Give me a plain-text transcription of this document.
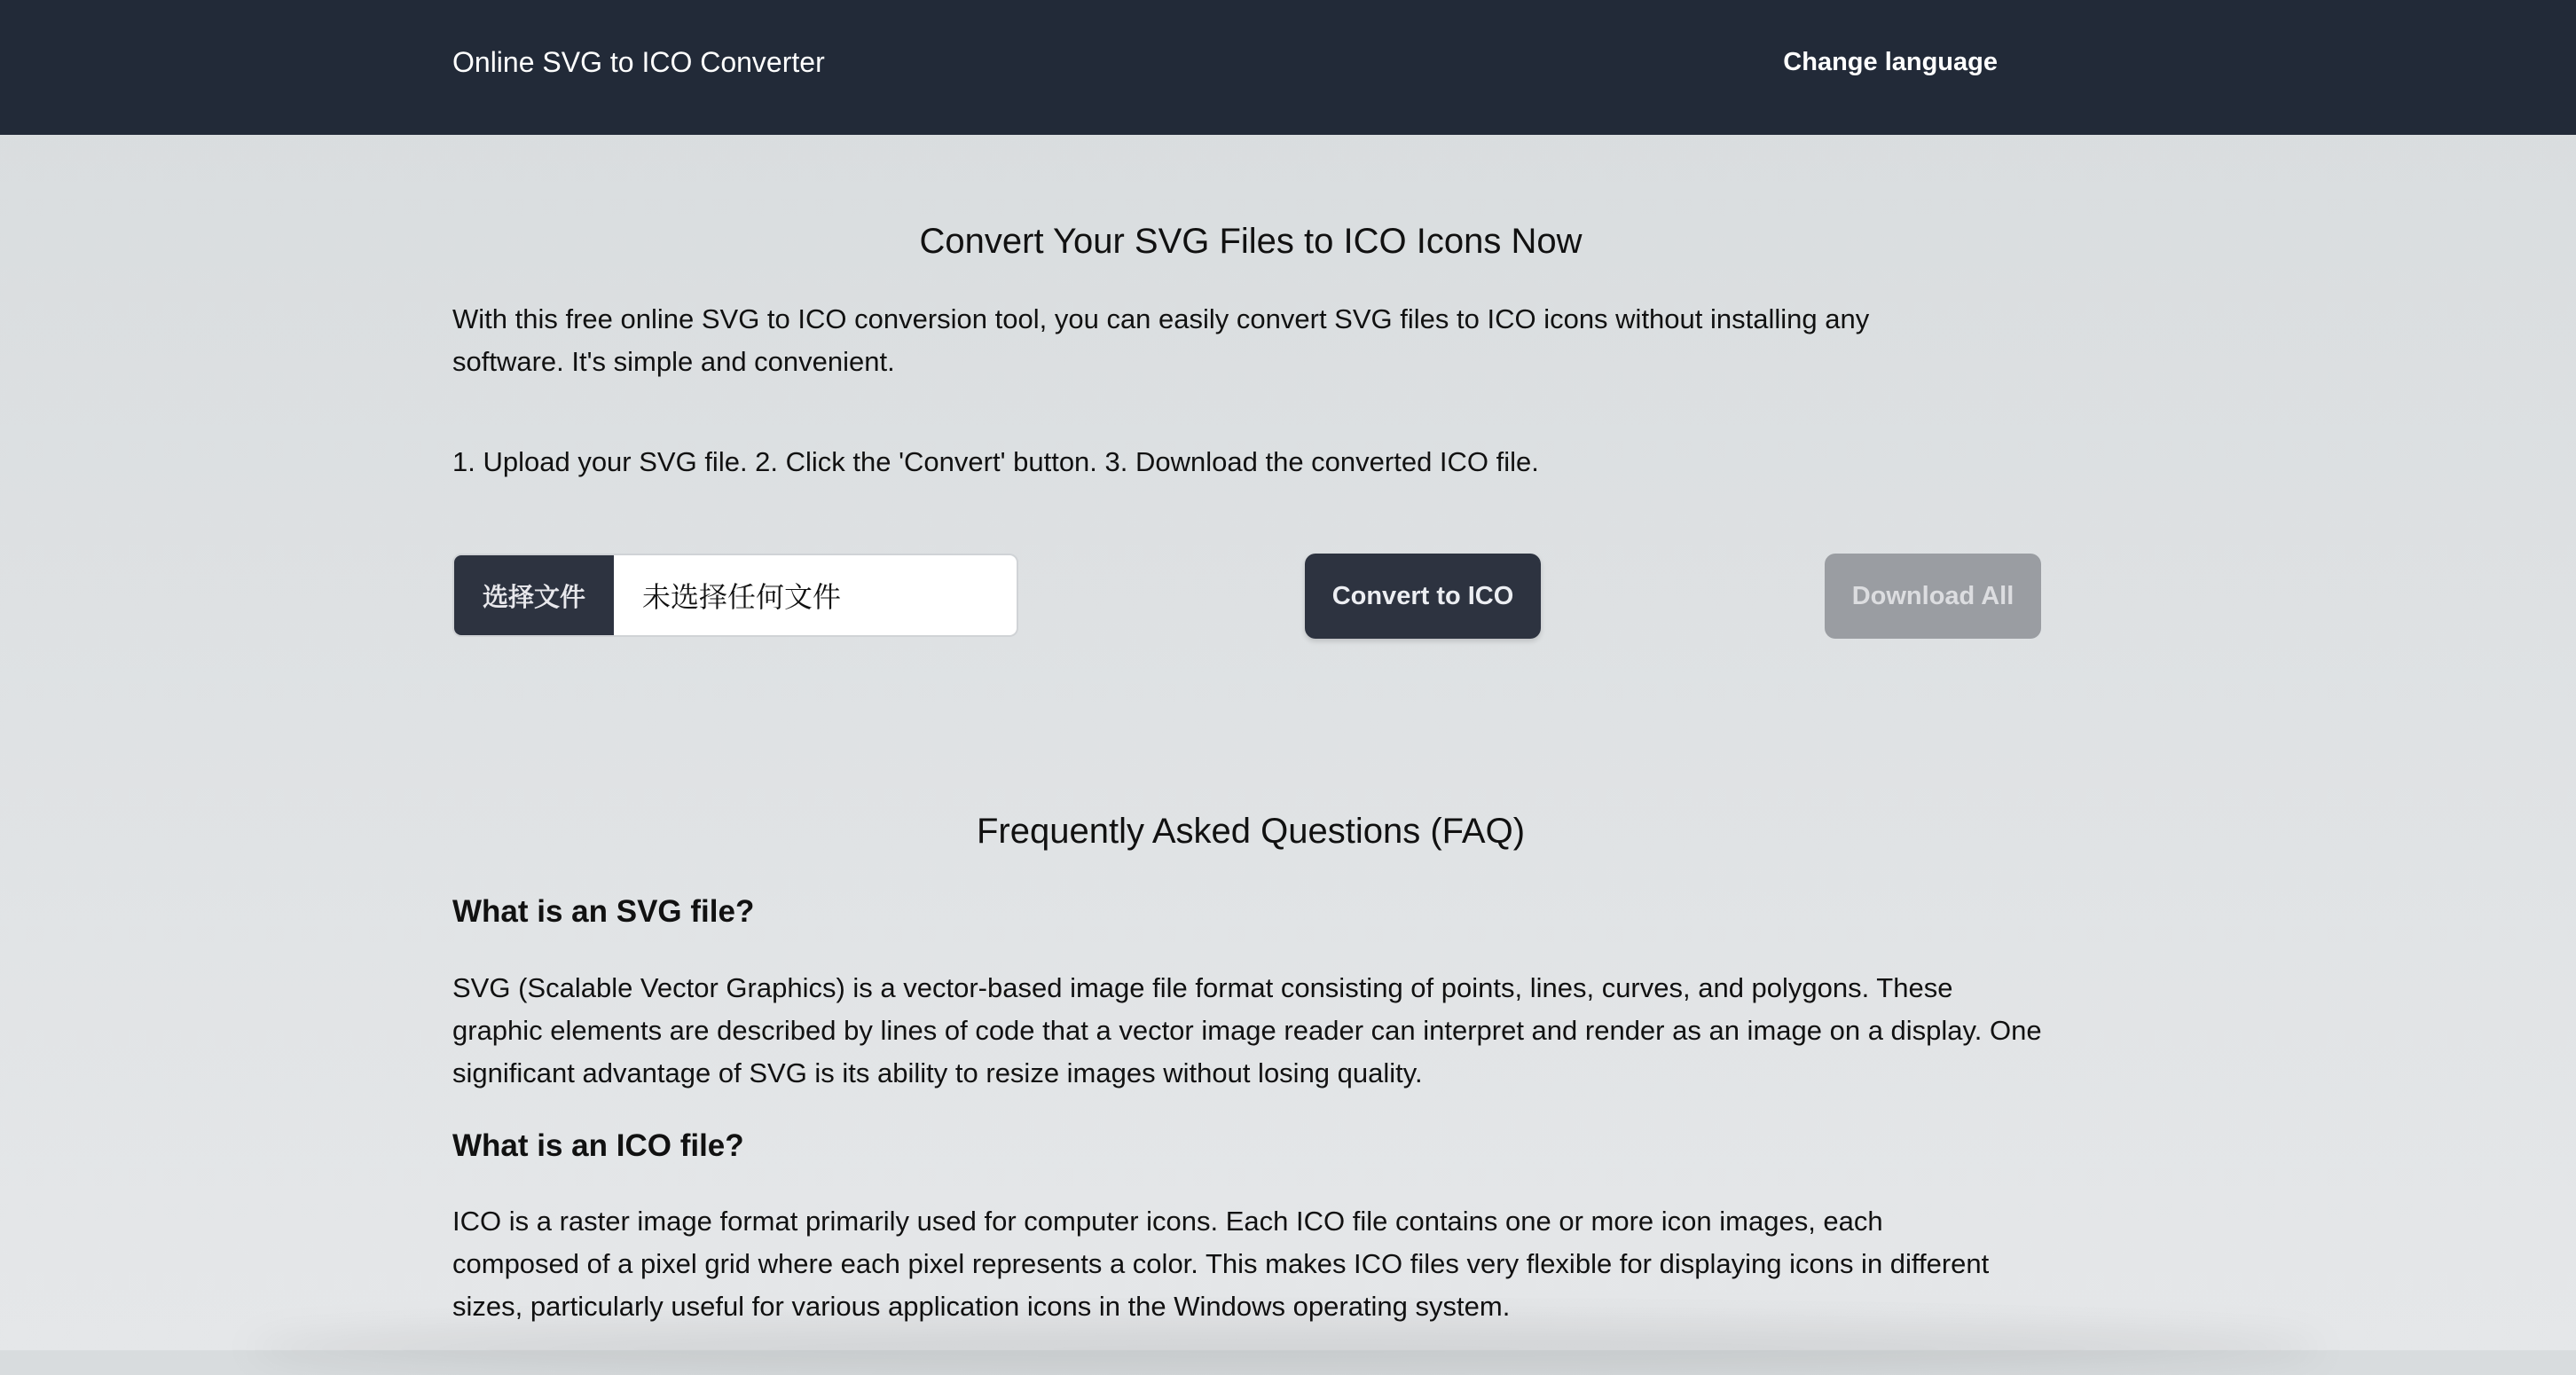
Online SVG to ICO Converter	Change language
Convert Your SVG Files to ICO Icons Now

With this free online SVG to ICO conversion tool, you can easily convert SVG files to ICO icons without installing any software. It's simple and convenient.

1. Upload your SVG file. 2. Click the 'Convert' button. 3. Download the converted ICO file.

选择文件	未选择任何文件	Convert to ICO	Download All
Frequently Asked Questions (FAQ)
What is an SVG file?

SVG (Scalable Vector Graphics) is a vector-based image file format consisting of points, lines, curves, and polygons. These graphic elements are described by lines of code that a vector image reader can interpret and render as an image on a display. One significant advantage of SVG is its ability to resize images without losing quality.

What is an ICO file?

ICO is a raster image format primarily used for computer icons. Each ICO file contains one or more icon images, each composed of a pixel grid where each pixel represents a color. This makes ICO files very flexible for displaying icons in different sizes, particularly useful for various application icons in the Windows operating system.
